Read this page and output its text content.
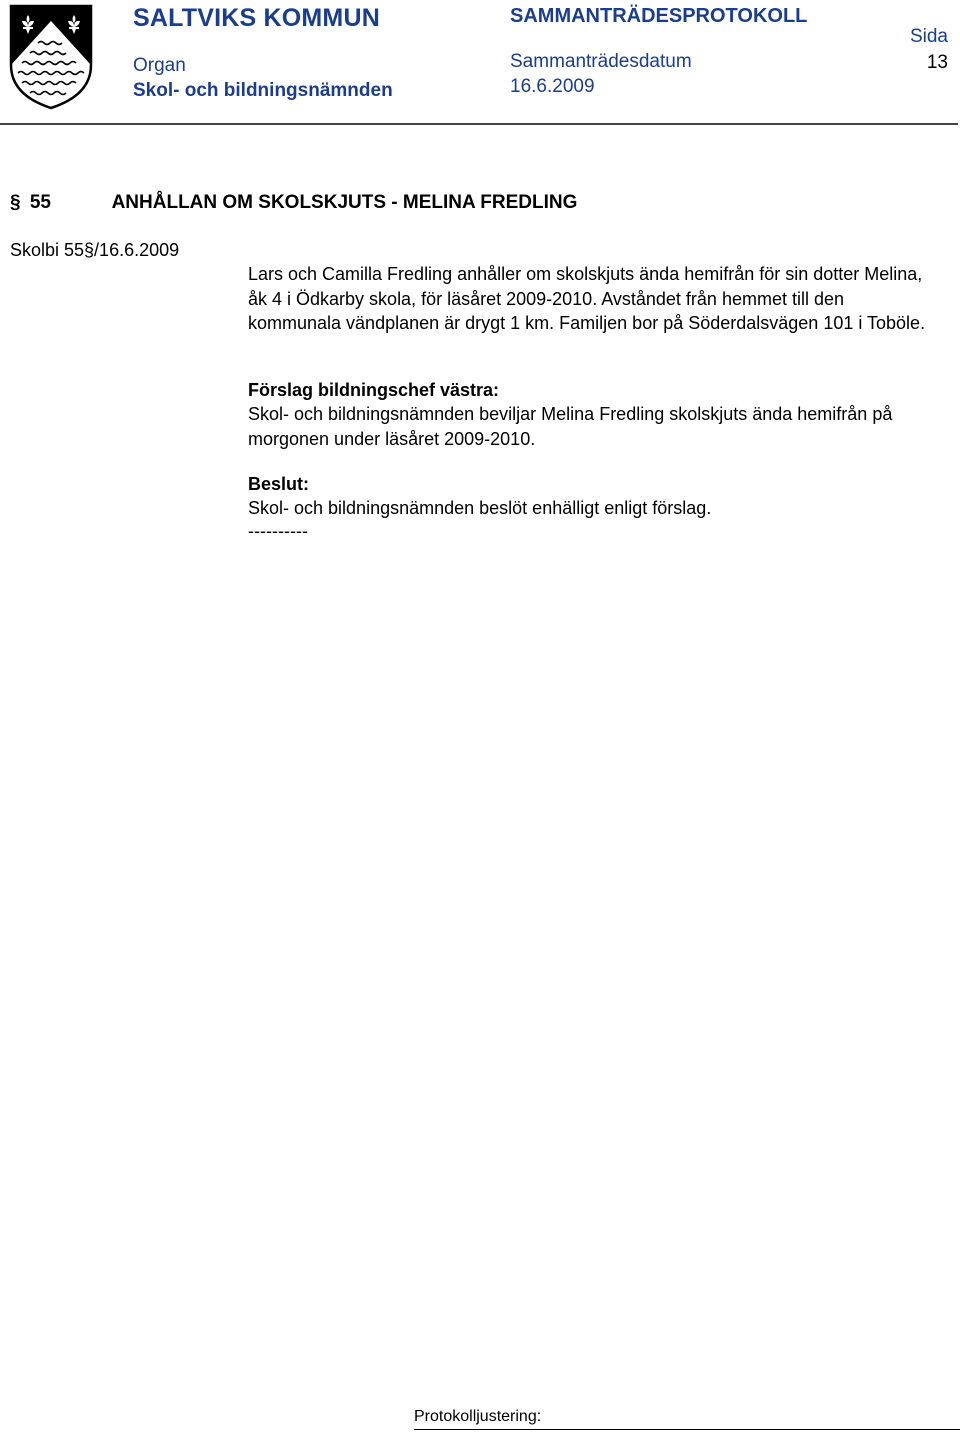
SALTVIKS KOMMUN	SAMMANTRÄDESPROTOKOLL
Organ
Skol- och bildningsnämnden
Sammanträdesdatum
16.6.2009
Sida
13
§ 55	ANHÅLLAN OM SKOLSKJUTS - MELINA FREDLING
Skolbi 55§/16.6.2009
Lars och Camilla Fredling anhåller om skolskjuts ända hemifrån för sin dotter Melina, åk 4 i Ödkarby skola, för läsåret 2009-2010. Avståndet från hemmet till den kommunala vändplanen är drygt 1 km. Familjen bor på Söderdalsvägen 101 i Toböle.
Förslag bildningschef västra:
Skol- och bildningsnämnden beviljar Melina Fredling skolskjuts ända hemifrån på morgonen under läsåret 2009-2010.
Beslut:
Skol- och bildningsnämnden beslöt enhälligt enligt förslag.
----------
Protokolljustering:
